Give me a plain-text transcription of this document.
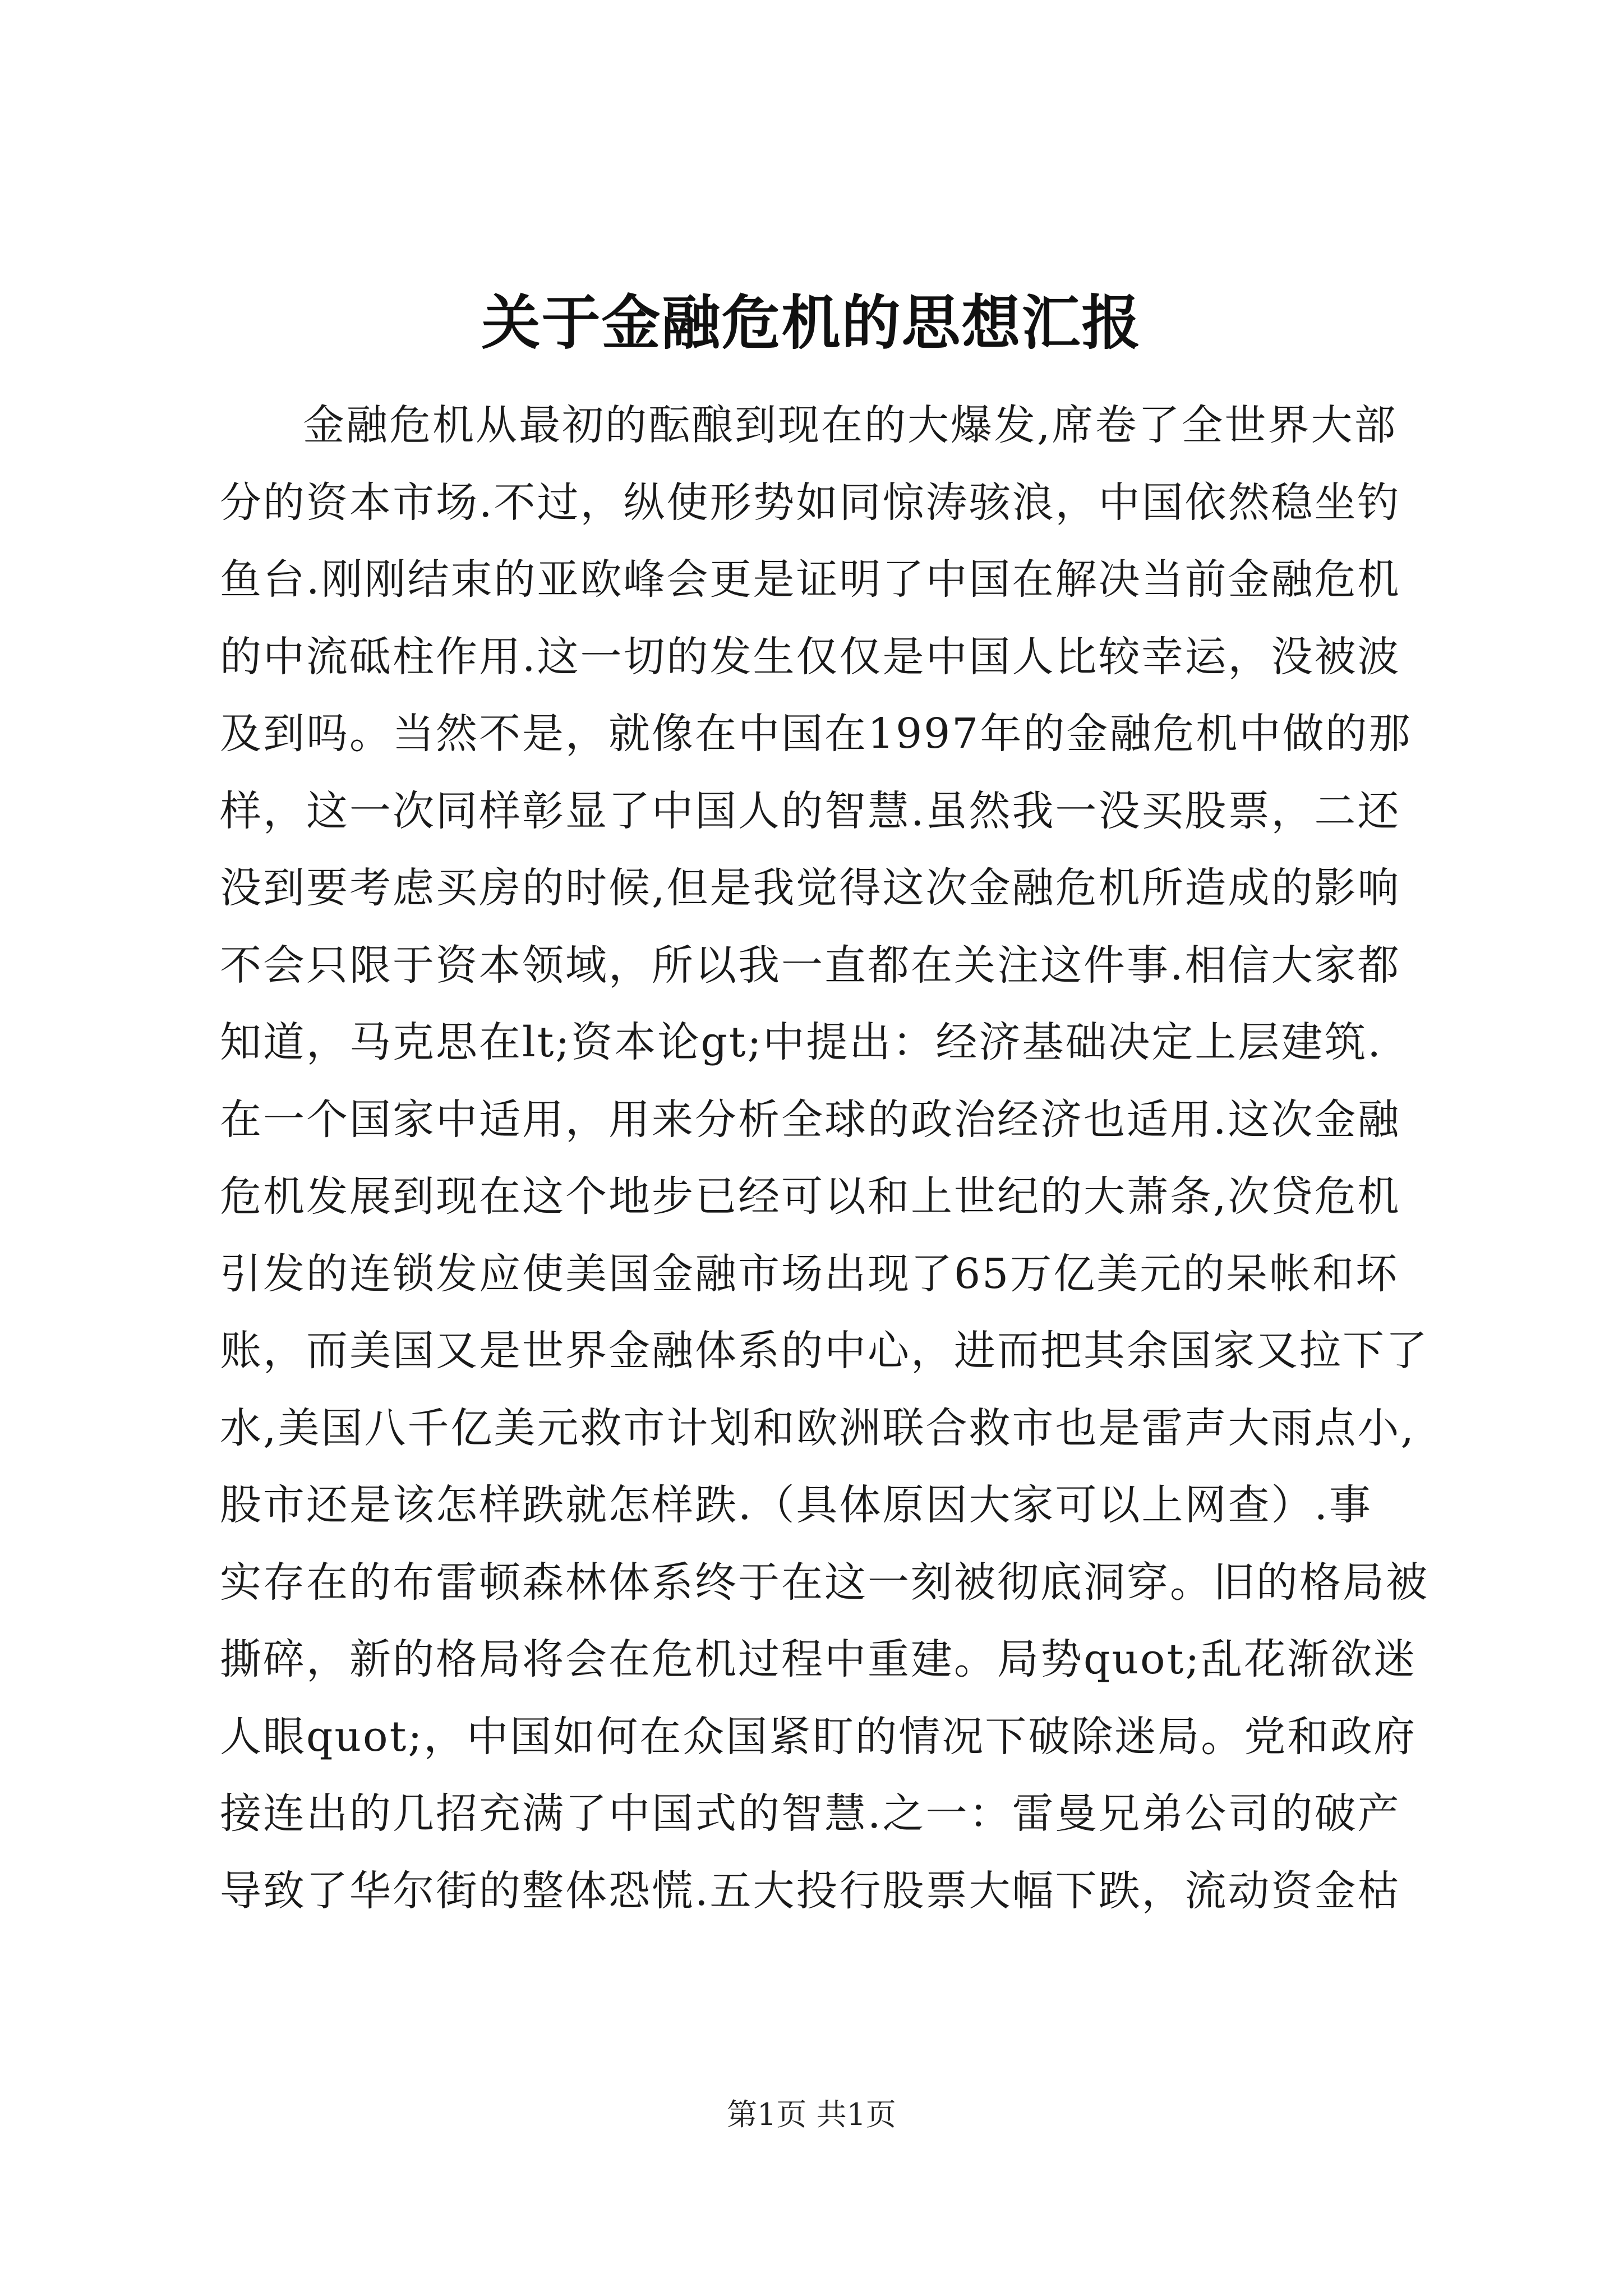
关于金融危机的思想汇报
金融危机从最初的酝酿到现在的大爆发,席卷了全世界大部
分的资本市场.不过，纵使形势如同惊涛骇浪，中国依然稳坐钓
鱼台.刚刚结束的亚欧峰会更是证明了中国在解决当前金融危机
的中流砥柱作用.这一切的发生仅仅是中国人比较幸运，没被波
及到吗。当然不是，就像在中国在1997年的金融危机中做的那
样，这一次同样彰显了中国人的智慧.虽然我一没买股票，二还
没到要考虑买房的时候,但是我觉得这次金融危机所造成的影响
不会只限于资本领域，所以我一直都在关注这件事.相信大家都
知道，马克思在lt;资本论gt;中提出：经济基础决定上层建筑.
在一个国家中适用，用来分析全球的政治经济也适用.这次金融
危机发展到现在这个地步已经可以和上世纪的大萧条,次贷危机
引发的连锁发应使美国金融市场出现了65万亿美元的呆帐和坏
账，而美国又是世界金融体系的中心，进而把其余国家又拉下了
水,美国八千亿美元救市计划和欧洲联合救市也是雷声大雨点小,
股市还是该怎样跌就怎样跌.（具体原因大家可以上网查）.事
实存在的布雷顿森林体系终于在这一刻被彻底洞穿。旧的格局被
撕碎，新的格局将会在危机过程中重建。局势quot;乱花渐欲迷
人眼quot;，中国如何在众国紧盯的情况下破除迷局。党和政府
接连出的几招充满了中国式的智慧.之一：雷曼兄弟公司的破产
导致了华尔街的整体恐慌.五大投行股票大幅下跌，流动资金枯
第1页 共1页
